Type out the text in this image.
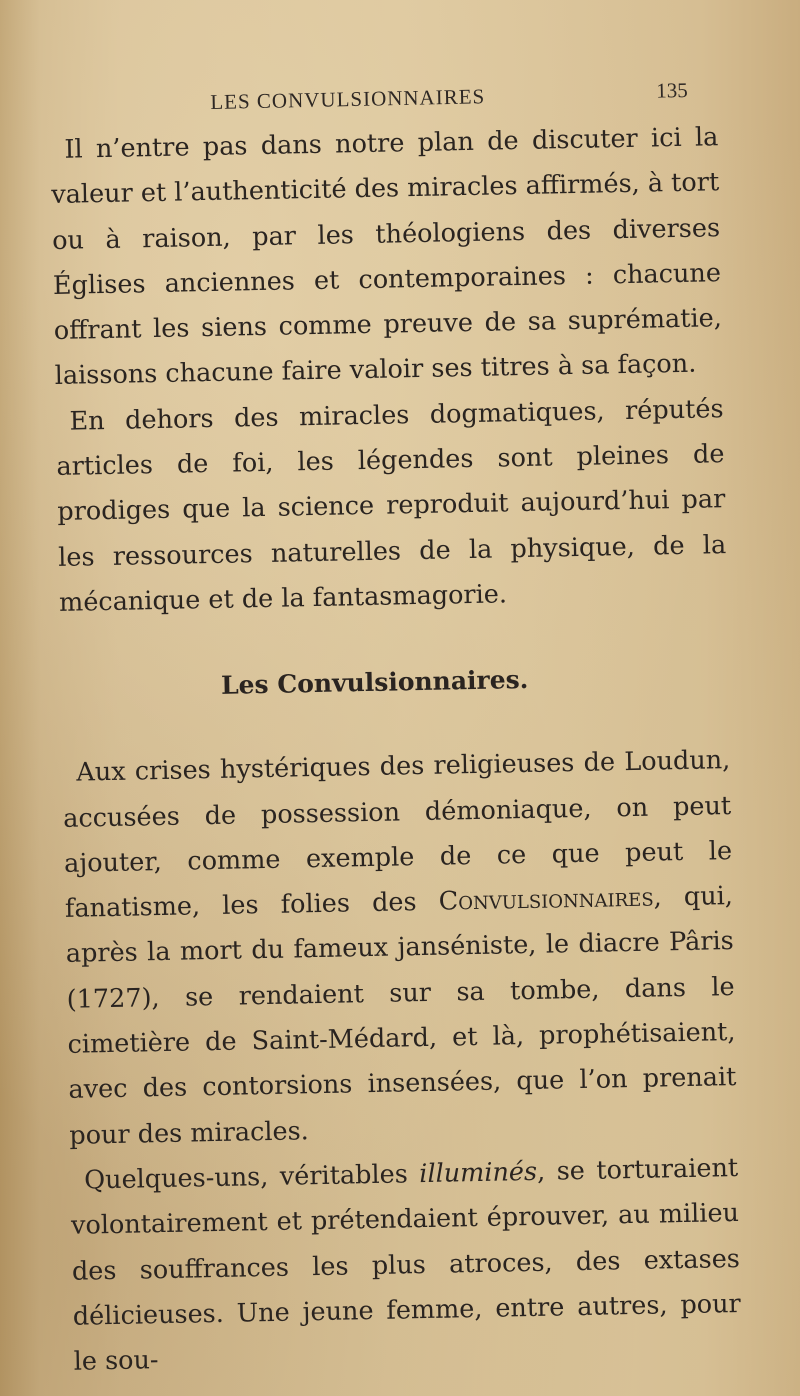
LES CONVULSIONNAIRES	135

Il n’entre pas dans notre plan de discuter ici la valeur et l’authenticité des miracles affirmés, à tort ou à raison, par les théologiens des diverses Églises anciennes et contemporaines : chacune offrant les siens comme preuve de sa suprématie, laissons chacune faire valoir ses titres à sa façon.

En dehors des miracles dogmatiques, réputés articles de foi, les légendes sont pleines de prodiges que la science reproduit aujourd’hui par les ressources naturelles de la physique, de la mécanique et de la fantasmagorie.

Les Convulsionnaires.

Aux crises hystériques des religieuses de Loudun, accusées de possession démoniaque, on peut ajouter, comme exemple de ce que peut le fanatisme, les folies des Convulsionnaires, qui, après la mort du fameux janséniste, le diacre Pâris (1727), se rendaient sur sa tombe, dans le cimetière de Saint-Médard, et là, prophétisaient, avec des contorsions insensées, que l’on prenait pour des miracles.

Quelques-uns, véritables illuminés, se torturaient volontairement et prétendaient éprouver, au milieu des souffrances les plus atroces, des extases délicieuses. Une jeune femme, entre autres, pour le sou-
